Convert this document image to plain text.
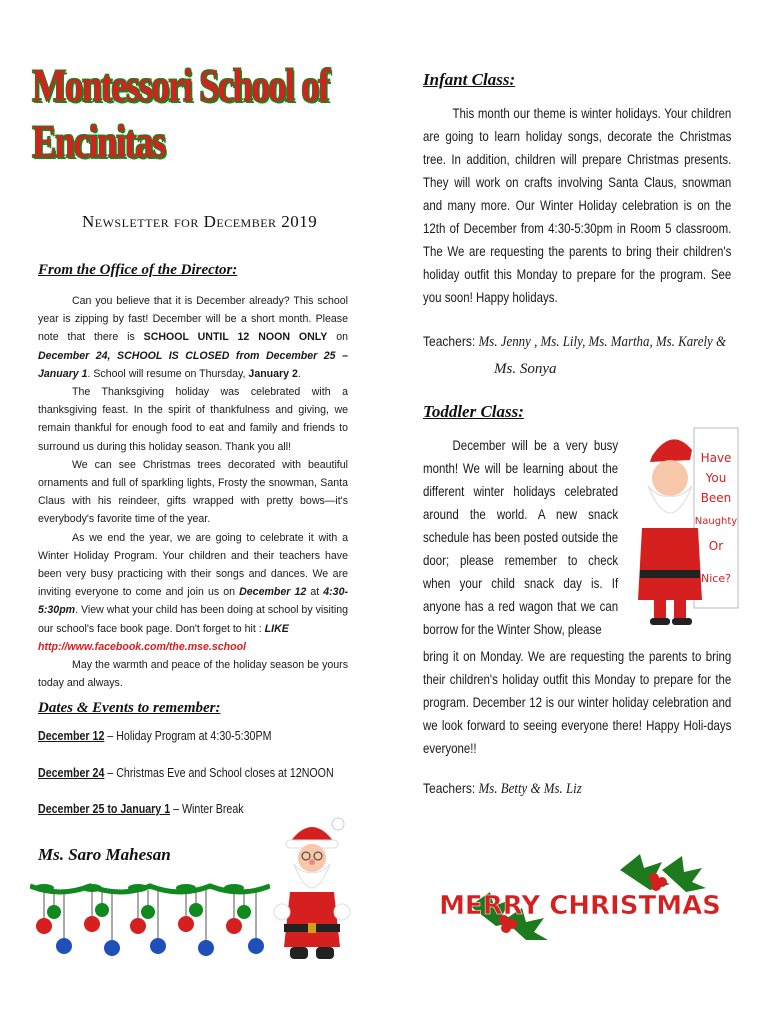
Montessori School of Encinitas
Newsletter for December 2019
From the Office of the Director:

Can you believe that it is December already? This school year is zipping by fast! December will be a short month. Please note that there is SCHOOL UNTIL 12 NOON ONLY on December 24, SCHOOL IS CLOSED from December 25 – January 1. School will resume on Thursday, January 2.

The Thanksgiving holiday was celebrated with a thanksgiving feast. In the spirit of thankfulness and giving, we remain thankful for enough food to eat and family and friends to surround us during this holiday season. Thank you all!

We can see Christmas trees decorated with beautiful ornaments and full of sparkling lights, Frosty the snowman, Santa Claus with his reindeer, gifts wrapped with pretty bows—it's everybody's favorite time of the year.

As we end the year, we are going to celebrate it with a Winter Holiday Program. Your children and their teachers have been very busy practicing with their songs and dances. We are inviting everyone to come and join us on December 12 at 4:30-5:30pm. View what your child has been doing at school by visiting our school's face book page. Don't forget to hit : LIKE
http://www.facebook.com/the.mse.school

May the warmth and peace of the holiday season be yours today and always.

Dates & Events to remember:
December 12 – Holiday Program at 4:30-5:30PM
December 24 – Christmas Eve and School closes at 12NOON
December 25 to January 1 – Winter Break
Ms. Saro Mahesan
Infant Class:
This month our theme is winter holidays. Your children are going to learn holiday songs, decorate the Christmas tree. In addition, children will prepare Christmas presents. They will work on crafts involving Santa Claus, snowman and many more. Our Winter Holiday celebration is on the 12th of December from 4:30-5:30pm in Room 5 classroom. The We are requesting the parents to bring their children's holiday outfit this Monday to prepare for the program. See you soon! Happy holidays.
Teachers: Ms. Jenny , Ms. Lily, Ms. Martha, Ms. Karely &
Ms. Sonya
Toddler Class:
December will be a very busy month! We will be learning about the different winter holidays celebrated around the world. A new snack schedule has been posted outside the door; please remember to check when your child snack day is. If anyone has a red wagon that we can borrow for the Winter Show, please
Have
You
Been
Naughty
Or
Nice?
bring it on Monday. We are requesting the parents to bring their children's holiday outfit this Monday to prepare for the program. December 12 is our winter holiday celebration and we look forward to seeing everyone there! Happy Holi-days everyone!!
Teachers: Ms. Betty & Ms. Liz
MERRY CHRISTMAS
